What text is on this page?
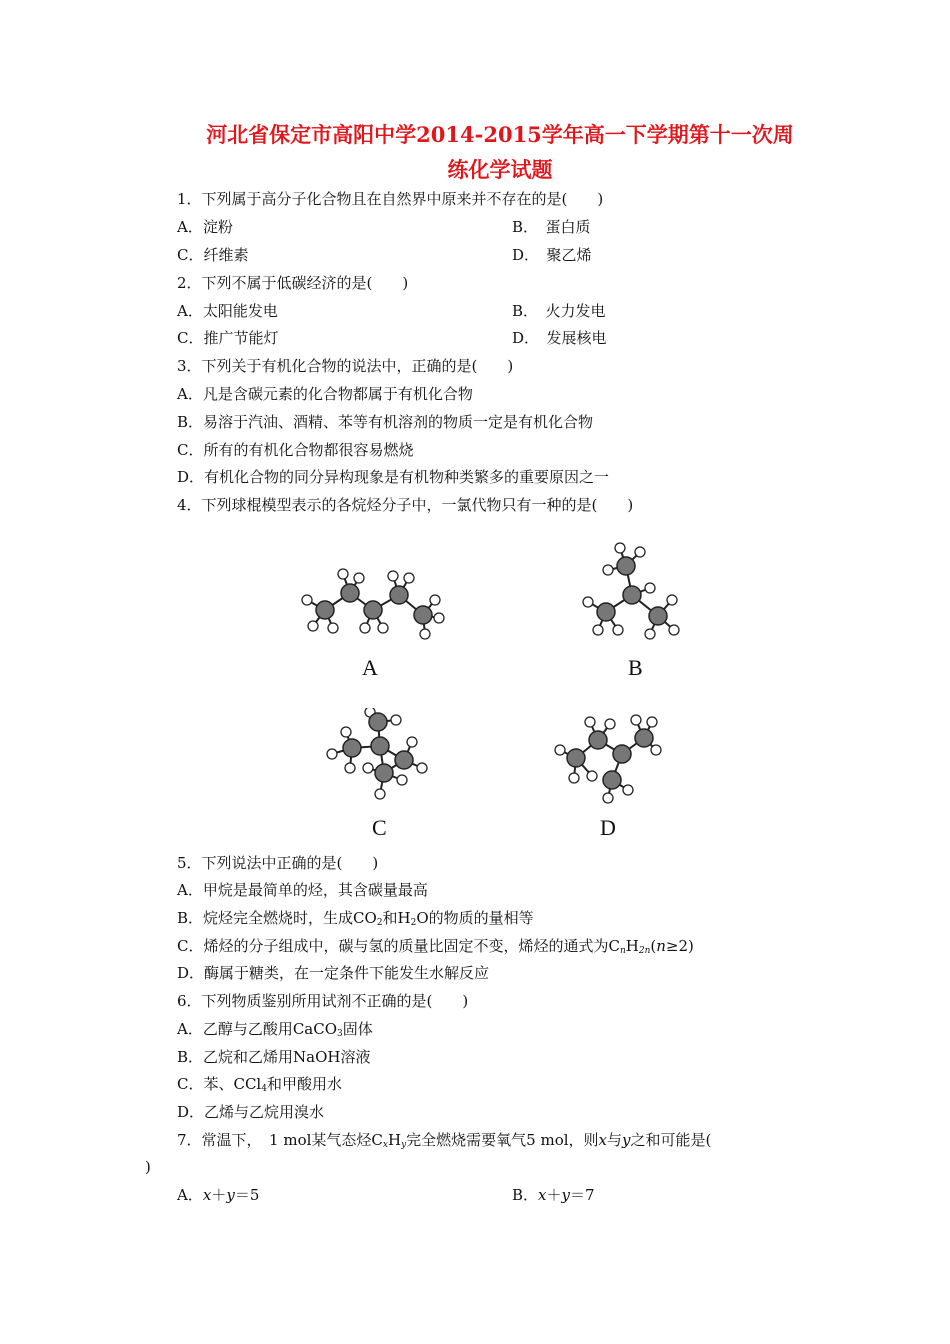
河北省保定市高阳中学2014-2015学年高一下学期第十一次周
练化学试题
1．下列属于高分子化合物且在自然界中原来并不存在的是(　　)
A．淀粉	B．　蛋白质
C．纤维素	D．　聚乙烯
2．下列不属于低碳经济的是(　　)
A．太阳能发电	B．　火力发电
C．推广节能灯	D．　发展核电
3．下列关于有机化合物的说法中，正确的是(　　)
A．凡是含碳元素的化合物都属于有机化合物
B．易溶于汽油、酒精、苯等有机溶剂的物质一定是有机化合物
C．所有的有机化合物都很容易燃烧
D．有机化合物的同分异构现象是有机物种类繁多的重要原因之一
4．下列球棍模型表示的各烷烃分子中，一氯代物只有一种的是(　　)
A	B
C	D
5．下列说法中正确的是(　　)
A．甲烷是最简单的烃，其含碳量最高
B．烷烃完全燃烧时，生成$CO_2$和$H_2O$的物质的量相等
C．烯烃的分子组成中，碳与氢的质量比固定不变，烯烃的通式为$C_nH_{2n}(n\ge 2)$
D．酶属于糖类，在一定条件下能发生水解反应
6．下列物质鉴别所用试剂不正确的是(　　)
A．乙醇与乙酸用CaCO$_3$固体
B．乙烷和乙烯用NaOH溶液
C．苯、CCl$_4$和甲酸用水
D．乙烯与乙烷用溴水
7．常温下，　1 mol某气态烃$C_xH_y$完全燃烧需要氧气5 mol，则x与y之和可能是(
)
A．x＋y＝5	B．x＋y＝7
